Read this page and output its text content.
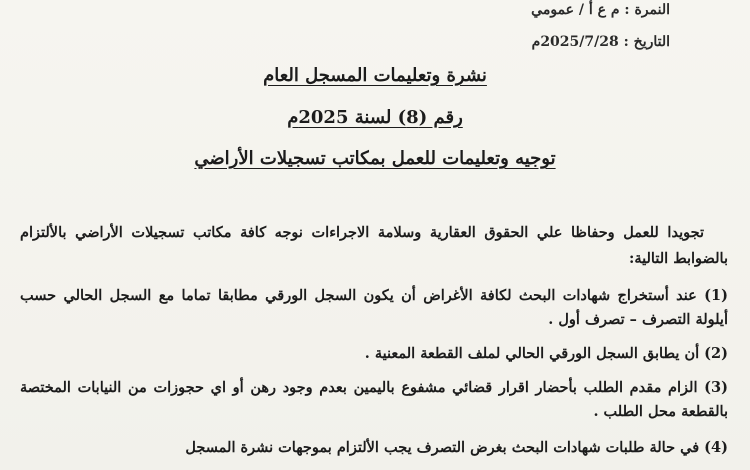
النمرة : م ع أ / عمومي
التاريخ : 2025/7/28م
نشرة وتعليمات المسجل العام
رقم (8) لسنة 2025م
توجيه وتعليمات للعمل بمكاتب تسجيلات الأراضي
تجويدا للعمل وحفاظا علي الحقوق العقارية وسلامة الاجراءات نوجه كافة مكاتب تسجيلات الأراضي بالألتزام بالضوابط التالية:
(1) عند أستخراج شهادات البحث لكافة الأغراض أن يكون السجل الورقي مطابقا تماما مع السجل الحالي حسب أيلولة التصرف – تصرف أول .
(2) أن يطابق السجل الورقي الحالي لملف القطعة المعنية .
(3) الزام مقدم الطلب بأحضار اقرار قضائي مشفوع باليمين بعدم وجود رهن أو اي حجوزات من النيابات المختصة بالقطعة محل الطلب .
(4) في حالة طلبات شهادات البحث بغرض التصرف يجب الألتزام بموجهات نشرة المسجل
